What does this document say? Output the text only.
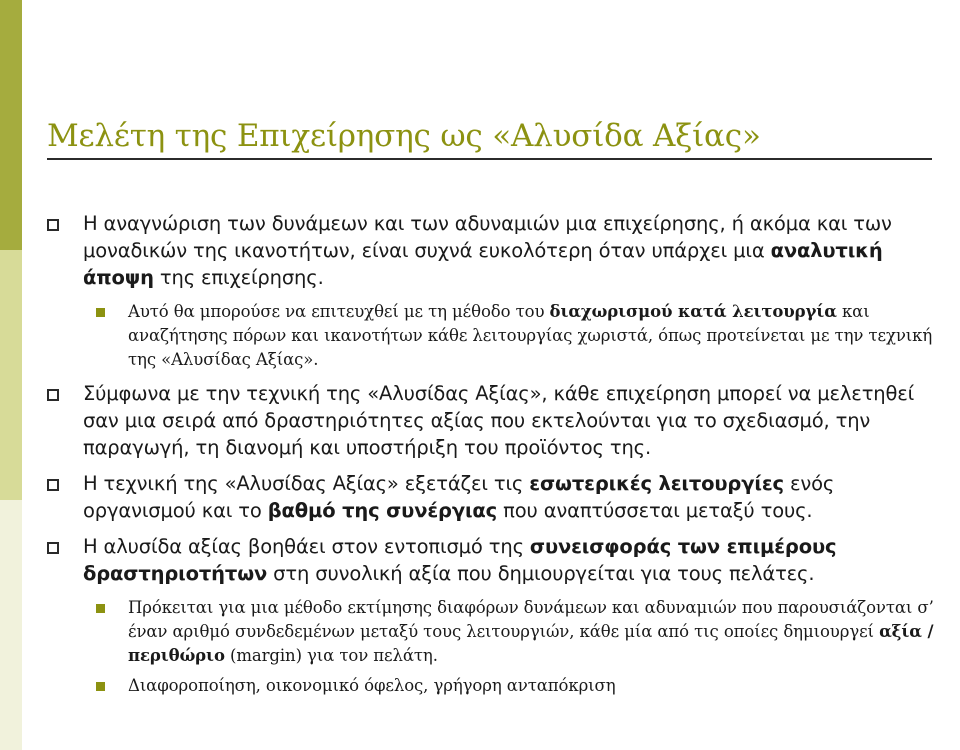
Μελέτη της Επιχείρησης ως «Αλυσίδα Αξίας»
Η αναγνώριση των δυνάμεων και των αδυναμιών μια επιχείρησης, ή ακόμα και των μοναδικών της ικανοτήτων, είναι συχνά ευκολότερη όταν υπάρχει μια αναλυτική άποψη της επιχείρησης.
Αυτό θα μπορούσε να επιτευχθεί με τη μέθοδο του διαχωρισμού κατά λειτουργία και αναζήτησης πόρων και ικανοτήτων κάθε λειτουργίας χωριστά, όπως προτείνεται με την τεχνική της «Αλυσίδας Αξίας».
Σύμφωνα με την τεχνική της «Αλυσίδας Αξίας», κάθε επιχείρηση μπορεί να μελετηθεί σαν μια σειρά από δραστηριότητες αξίας που εκτελούνται για το σχεδιασμό, την παραγωγή, τη διανομή και υποστήριξη του προϊόντος της.
Η τεχνική της «Αλυσίδας Αξίας» εξετάζει τις εσωτερικές λειτουργίες ενός οργανισμού και το βαθμό της συνέργιας που αναπτύσσεται μεταξύ τους.
Η αλυσίδα αξίας βοηθάει στον εντοπισμό της συνεισφοράς των επιμέρους δραστηριοτήτων στη συνολική αξία που δημιουργείται για τους πελάτες.
Πρόκειται για μια μέθοδο εκτίμησης διαφόρων δυνάμεων και αδυναμιών που παρουσιάζονται σ’ έναν αριθμό συνδεδεμένων μεταξύ τους λειτουργιών, κάθε μία από τις οποίες δημιουργεί αξία / περιθώριο (margin) για τον πελάτη.
Διαφοροποίηση, οικονομικό όφελος, γρήγορη ανταπόκριση
